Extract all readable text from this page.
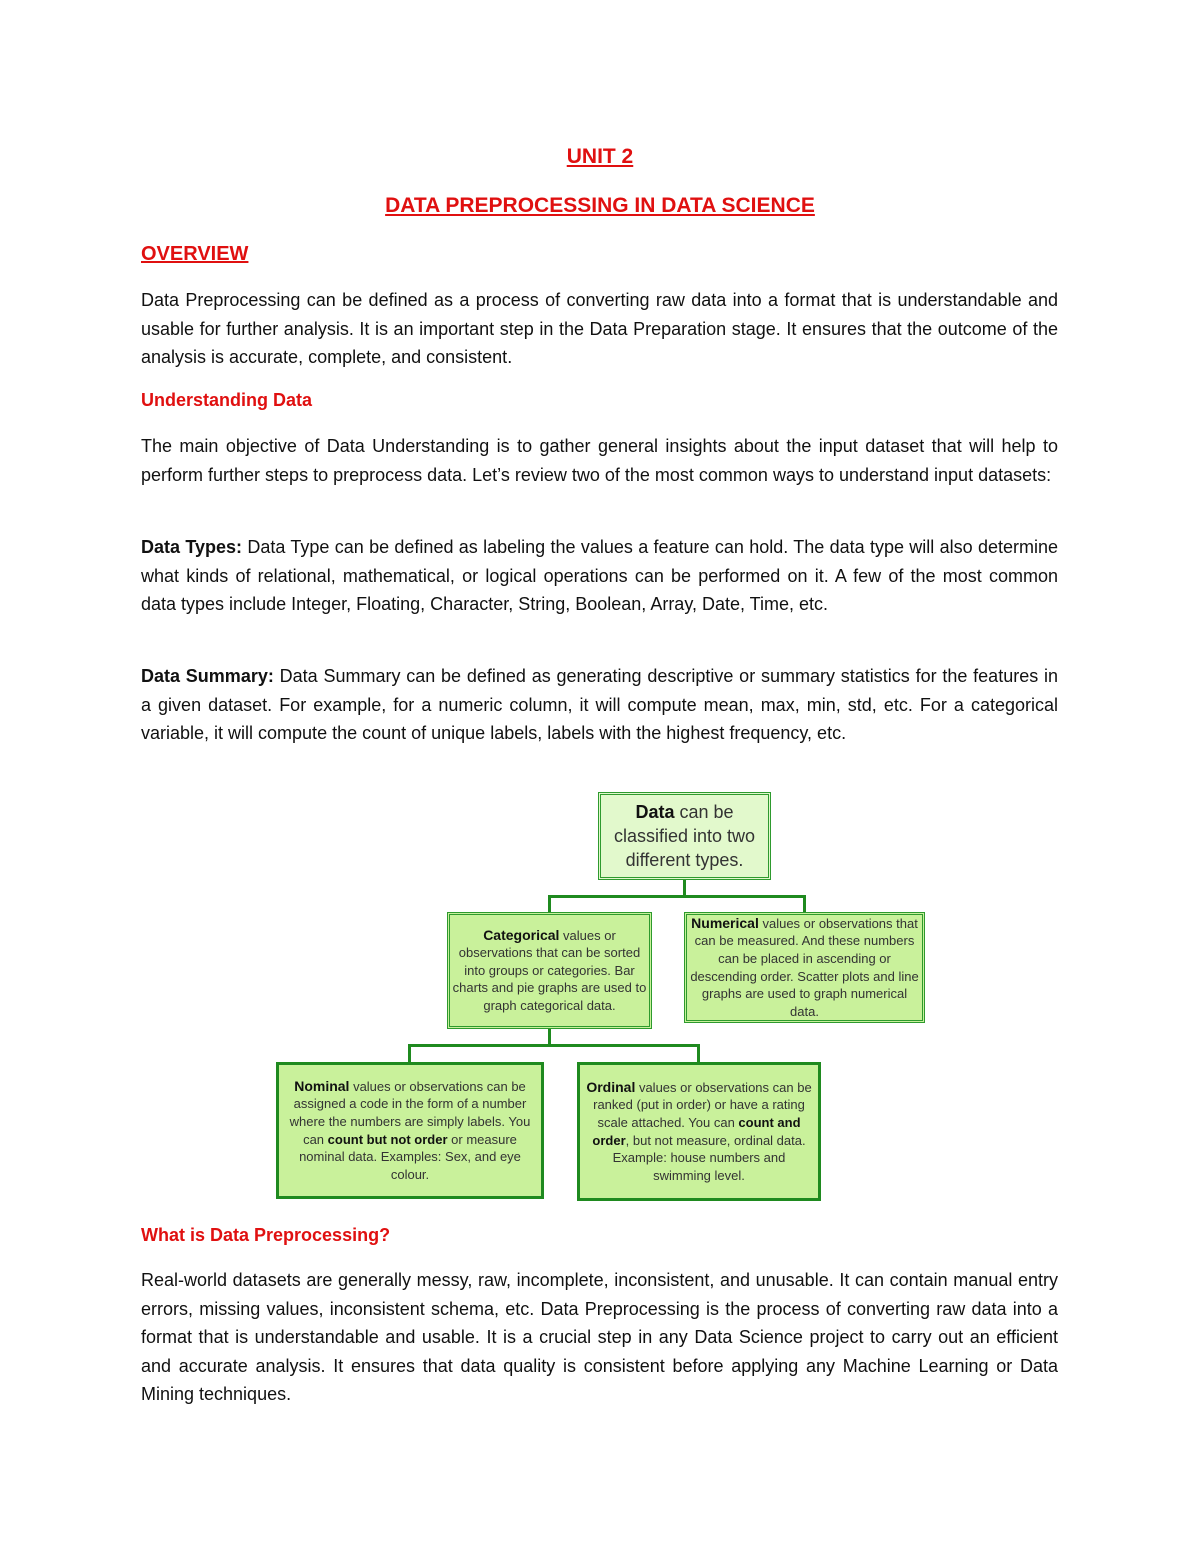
UNIT 2
DATA PREPROCESSING IN DATA SCIENCE
OVERVIEW
Data Preprocessing can be defined as a process of converting raw data into a format that is understandable and usable for further analysis. It is an important step in the Data Preparation stage. It ensures that the outcome of the analysis is accurate, complete, and consistent.
Understanding Data
The main objective of Data Understanding is to gather general insights about the input dataset that will help to perform further steps to preprocess data. Let’s review two of the most common ways to understand input datasets:
Data Types: Data Type can be defined as labeling the values a feature can hold. The data type will also determine what kinds of relational, mathematical, or logical operations can be performed on it. A few of the most common data types include Integer, Floating, Character, String, Boolean, Array, Date, Time, etc.
Data Summary: Data Summary can be defined as generating descriptive or summary statistics for the features in a given dataset. For example, for a numeric column, it will compute mean, max, min, std, etc. For a categorical variable, it will compute the count of unique labels, labels with the highest frequency, etc.
Data can be classified into two different types.
Categorical values or observations that can be sorted into groups or categories. Bar charts and pie graphs are used to graph categorical data.
Numerical values or observations that can be measured. And these numbers can be placed in ascending or descending order. Scatter plots and line graphs are used to graph numerical data.
Nominal values or observations can be assigned a code in the form of a number where the numbers are simply labels. You can count but not order or measure nominal data. Examples: Sex, and eye colour.
Ordinal values or observations can be ranked (put in order) or have a rating scale attached. You can count and order, but not measure, ordinal data. Example: house numbers and swimming level.
What is Data Preprocessing?
Real-world datasets are generally messy, raw, incomplete, inconsistent, and unusable. It can contain manual entry errors, missing values, inconsistent schema, etc. Data Preprocessing is the process of converting raw data into a format that is understandable and usable. It is a crucial step in any Data Science project to carry out an efficient and accurate analysis. It ensures that data quality is consistent before applying any Machine Learning or Data Mining techniques.
